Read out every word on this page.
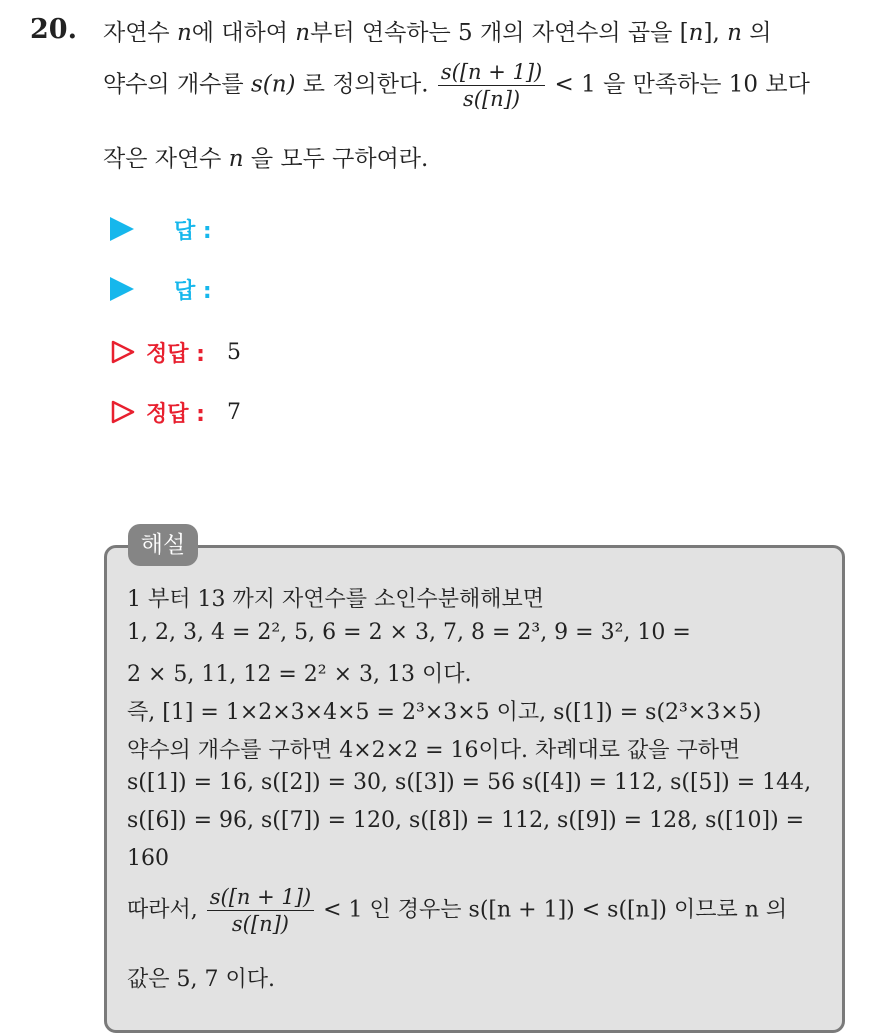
20. 자연수 n에 대하여 n부터 연속하는 5 개의 자연수의 곱을 [n], n 의
약수의 개수를 s(n) 로 정의한다. $\frac{s([n + 1])}{s([n])} < 1$ 을 만족하는 10 보다
작은 자연수 n 을 모두 구하여라.
답 :
답 :
정답 : 5
정답 : 7
해설
1 부터 13 까지 자연수를 소인수분해해보면
1, 2, 3, 4 = 2², 5, 6 = 2 × 3, 7, 8 = 2³, 9 = 3², 10 =
2 × 5, 11, 12 = 2² × 3, 13 이다.
즉, [1] = 1×2×3×4×5 = 2³×3×5 이고, s([1]) = s(2³×3×5)
약수의 개수를 구하면 4×2×2 = 16이다. 차례대로 값을 구하면
s([1]) = 16, s([2]) = 30, s([3]) = 56 s([4]) = 112, s([5]) = 144,
s([6]) = 96, s([7]) = 120, s([8]) = 112, s([9]) = 128, s([10]) =
160
따라서, $\frac{s([n + 1])}{s([n])} < 1$ 인 경우는 s([n + 1]) < s([n]) 이므로 n 의
값은 5, 7 이다.
